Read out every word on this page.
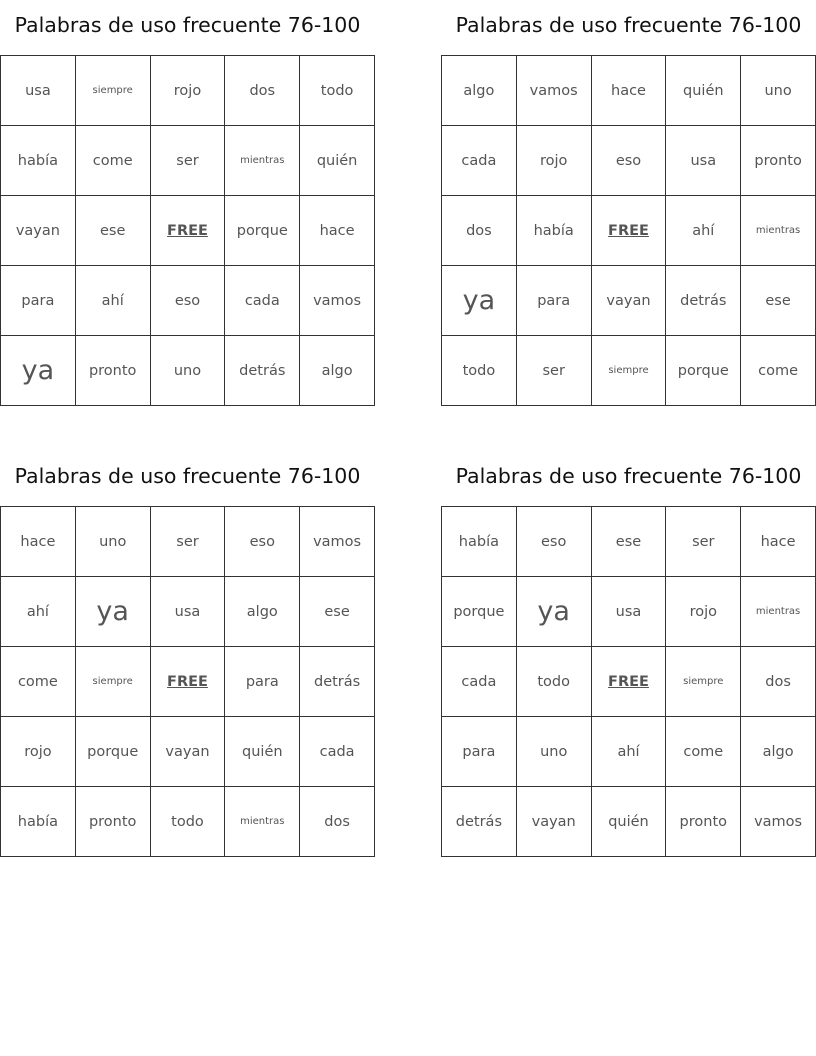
Palabras de uso frecuente 76-100
usa	siempre	rojo	dos	todo
había	come	ser	mientras	quién
vayan	ese	FREE	porque	hace
para	ahí	eso	cada	vamos
ya	pronto	uno	detrás	algo
Palabras de uso frecuente 76-100
algo	vamos	hace	quién	uno
cada	rojo	eso	usa	pronto
dos	había	FREE	ahí	mientras
ya	para	vayan	detrás	ese
todo	ser	siempre	porque	come
Palabras de uso frecuente 76-100
hace	uno	ser	eso	vamos
ahí	ya	usa	algo	ese
come	siempre	FREE	para	detrás
rojo	porque	vayan	quién	cada
había	pronto	todo	mientras	dos
Palabras de uso frecuente 76-100
había	eso	ese	ser	hace
porque	ya	usa	rojo	mientras
cada	todo	FREE	siempre	dos
para	uno	ahí	come	algo
detrás	vayan	quién	pronto	vamos
